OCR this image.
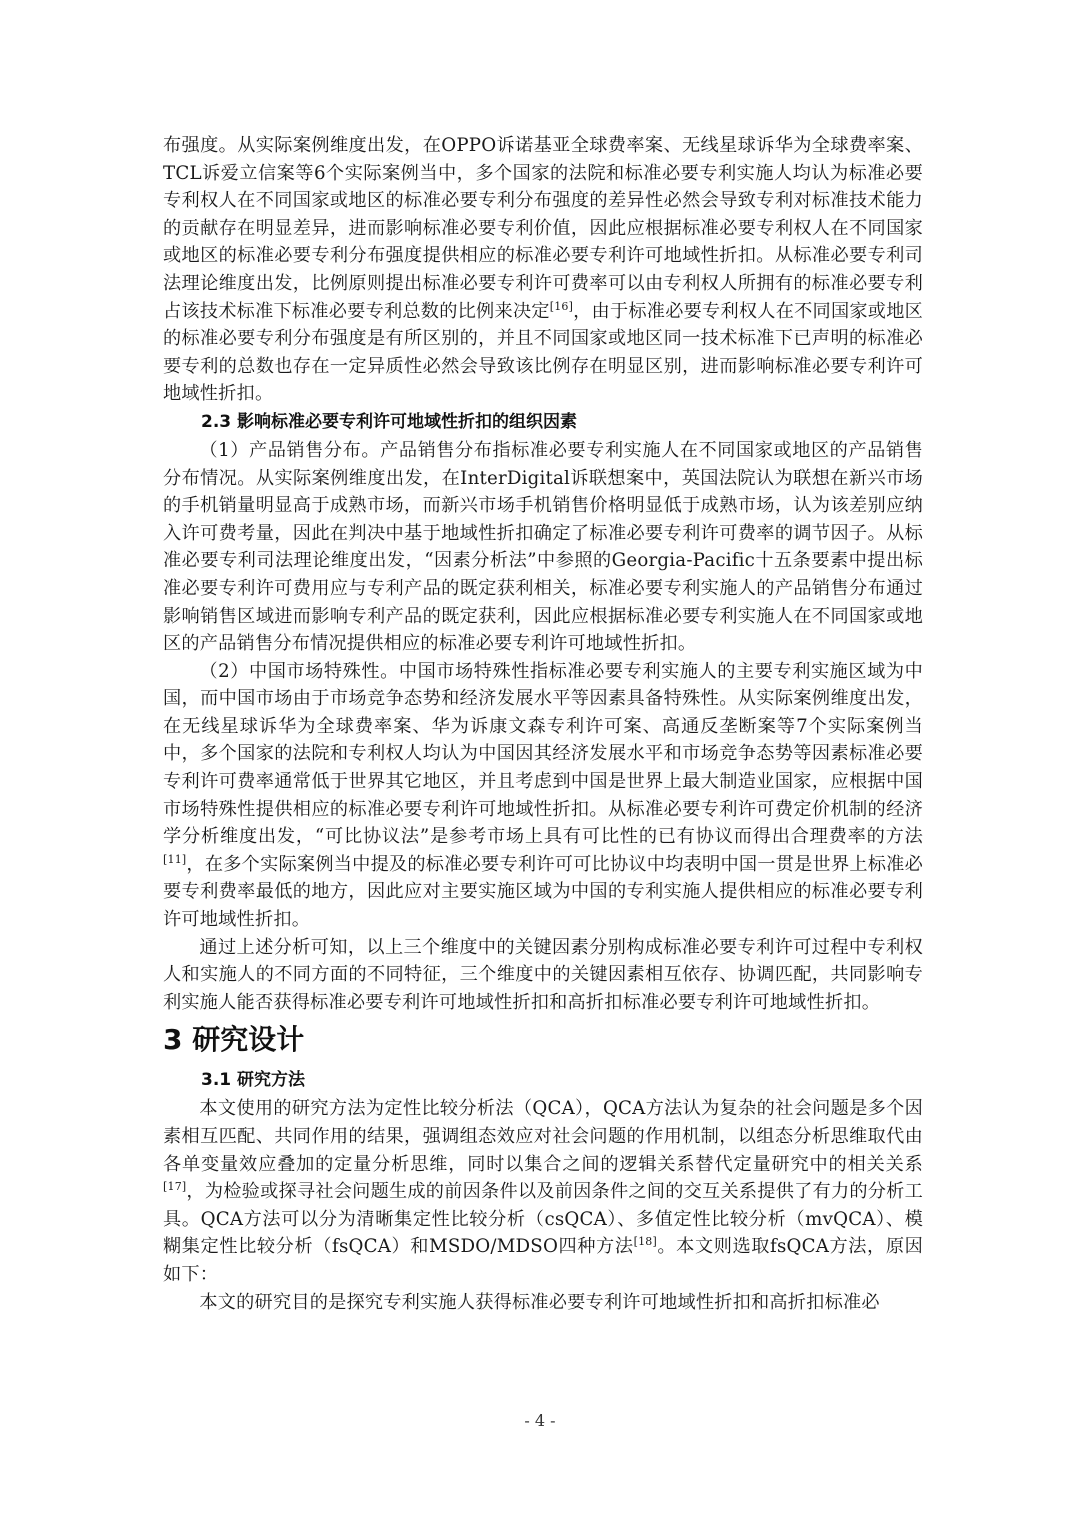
布强度。从实际案例维度出发，在OPPO诉诺基亚全球费率案、无线星球诉华为全球费率案、TCL诉爱立信案等6个实际案例当中，多个国家的法院和标准必要专利实施人均认为标准必要专利权人在不同国家或地区的标准必要专利分布强度的差异性必然会导致专利对标准技术能力的贡献存在明显差异，进而影响标准必要专利价值，因此应根据标准必要专利权人在不同国家或地区的标准必要专利分布强度提供相应的标准必要专利许可地域性折扣。从标准必要专利司法理论维度出发，比例原则提出标准必要专利许可费率可以由专利权人所拥有的标准必要专利占该技术标准下标准必要专利总数的比例来决定[16]，由于标准必要专利权人在不同国家或地区的标准必要专利分布强度是有所区别的，并且不同国家或地区同一技术标准下已声明的标准必要专利的总数也存在一定异质性必然会导致该比例存在明显区别，进而影响标准必要专利许可地域性折扣。

2.3 影响标准必要专利许可地域性折扣的组织因素

（1）产品销售分布。产品销售分布指标准必要专利实施人在不同国家或地区的产品销售分布情况。从实际案例维度出发，在InterDigital诉联想案中，英国法院认为联想在新兴市场的手机销量明显高于成熟市场，而新兴市场手机销售价格明显低于成熟市场，认为该差别应纳入许可费考量，因此在判决中基于地域性折扣确定了标准必要专利许可费率的调节因子。从标准必要专利司法理论维度出发，“因素分析法”中参照的Georgia-Pacific十五条要素中提出标准必要专利许可费用应与专利产品的既定获利相关，标准必要专利实施人的产品销售分布通过影响销售区域进而影响专利产品的既定获利，因此应根据标准必要专利实施人在不同国家或地区的产品销售分布情况提供相应的标准必要专利许可地域性折扣。

（2）中国市场特殊性。中国市场特殊性指标准必要专利实施人的主要专利实施区域为中国，而中国市场由于市场竞争态势和经济发展水平等因素具备特殊性。从实际案例维度出发，在无线星球诉华为全球费率案、华为诉康文森专利许可案、高通反垄断案等7个实际案例当中，多个国家的法院和专利权人均认为中国因其经济发展水平和市场竞争态势等因素标准必要专利许可费率通常低于世界其它地区，并且考虑到中国是世界上最大制造业国家，应根据中国市场特殊性提供相应的标准必要专利许可地域性折扣。从标准必要专利许可费定价机制的经济学分析维度出发，“可比协议法”是参考市场上具有可比性的已有协议而得出合理费率的方法[11]，在多个实际案例当中提及的标准必要专利许可可比协议中均表明中国一贯是世界上标准必要专利费率最低的地方，因此应对主要实施区域为中国的专利实施人提供相应的标准必要专利许可地域性折扣。

通过上述分析可知，以上三个维度中的关键因素分别构成标准必要专利许可过程中专利权人和实施人的不同方面的不同特征，三个维度中的关键因素相互依存、协调匹配，共同影响专利实施人能否获得标准必要专利许可地域性折扣和高折扣标准必要专利许可地域性折扣。

3 研究设计
3.1 研究方法

本文使用的研究方法为定性比较分析法（QCA），QCA方法认为复杂的社会问题是多个因素相互匹配、共同作用的结果，强调组态效应对社会问题的作用机制，以组态分析思维取代由各单变量效应叠加的定量分析思维，同时以集合之间的逻辑关系替代定量研究中的相关关系[17]，为检验或探寻社会问题生成的前因条件以及前因条件之间的交互关系提供了有力的分析工具。QCA方法可以分为清晰集定性比较分析（csQCA）、多值定性比较分析（mvQCA）、模糊集定性比较分析（fsQCA）和MSDO/MDSO四种方法[18]。本文则选取fsQCA方法，原因如下：

本文的研究目的是探究专利实施人获得标准必要专利许可地域性折扣和高折扣标准必

- 4 -
